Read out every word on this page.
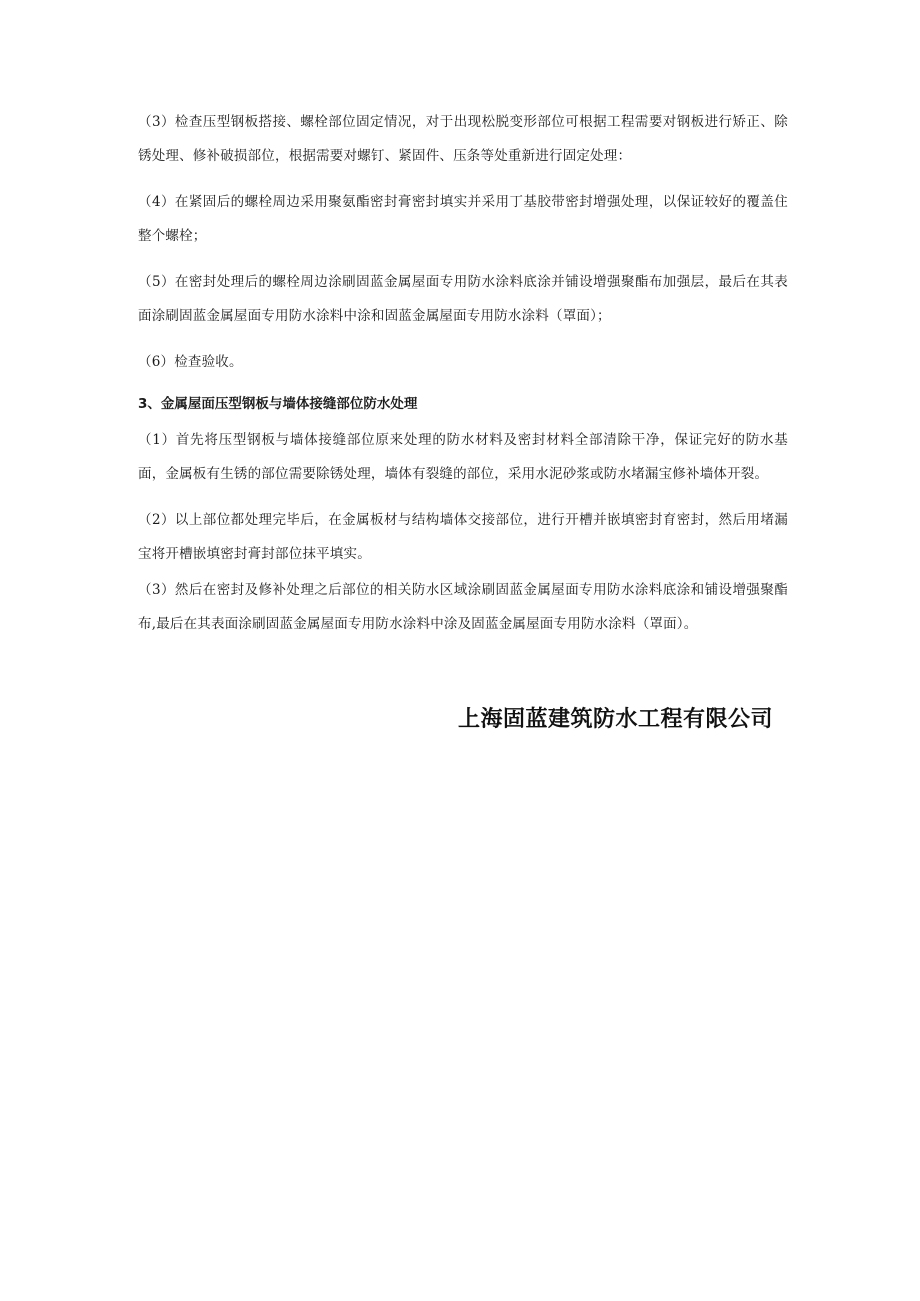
（3）检查压型钢板搭接、螺栓部位固定情况，对于出现松脱变形部位可根据工程需要对钢板进行矫正、除锈处理、修补破损部位，根据需要对螺钉、紧固件、压条等处重新进行固定处理：

（4）在紧固后的螺栓周边采用聚氨酯密封膏密封填实并采用丁基胶带密封增强处理，以保证较好的覆盖住整个螺栓；

（5）在密封处理后的螺栓周边涂刷固蓝金属屋面专用防水涂料底涂并铺设增强聚酯布加强层，最后在其表面涂刷固蓝金属屋面专用防水涂料中涂和固蓝金属屋面专用防水涂料（罩面）；

（6）检查验收。

3、金属屋面压型钢板与墙体接缝部位防水处理

（1）首先将压型钢板与墙体接缝部位原来处理的防水材料及密封材料全部清除干净，保证完好的防水基面，金属板有生锈的部位需要除锈处理，墙体有裂缝的部位，采用水泥砂浆或防水堵漏宝修补墙体开裂。

（2）以上部位都处理完毕后，在金属板材与结构墙体交接部位，进行开槽并嵌填密封育密封，然后用堵漏宝将开槽嵌填密封膏封部位抹平填实。

（3）然后在密封及修补处理之后部位的相关防水区域涂刷固蓝金属屋面专用防水涂料底涂和铺设增强聚酯布,最后在其表面涂刷固蓝金属屋面专用防水涂料中涂及固蓝金属屋面专用防水涂料（罩面）。

上海固蓝建筑防水工程有限公司
